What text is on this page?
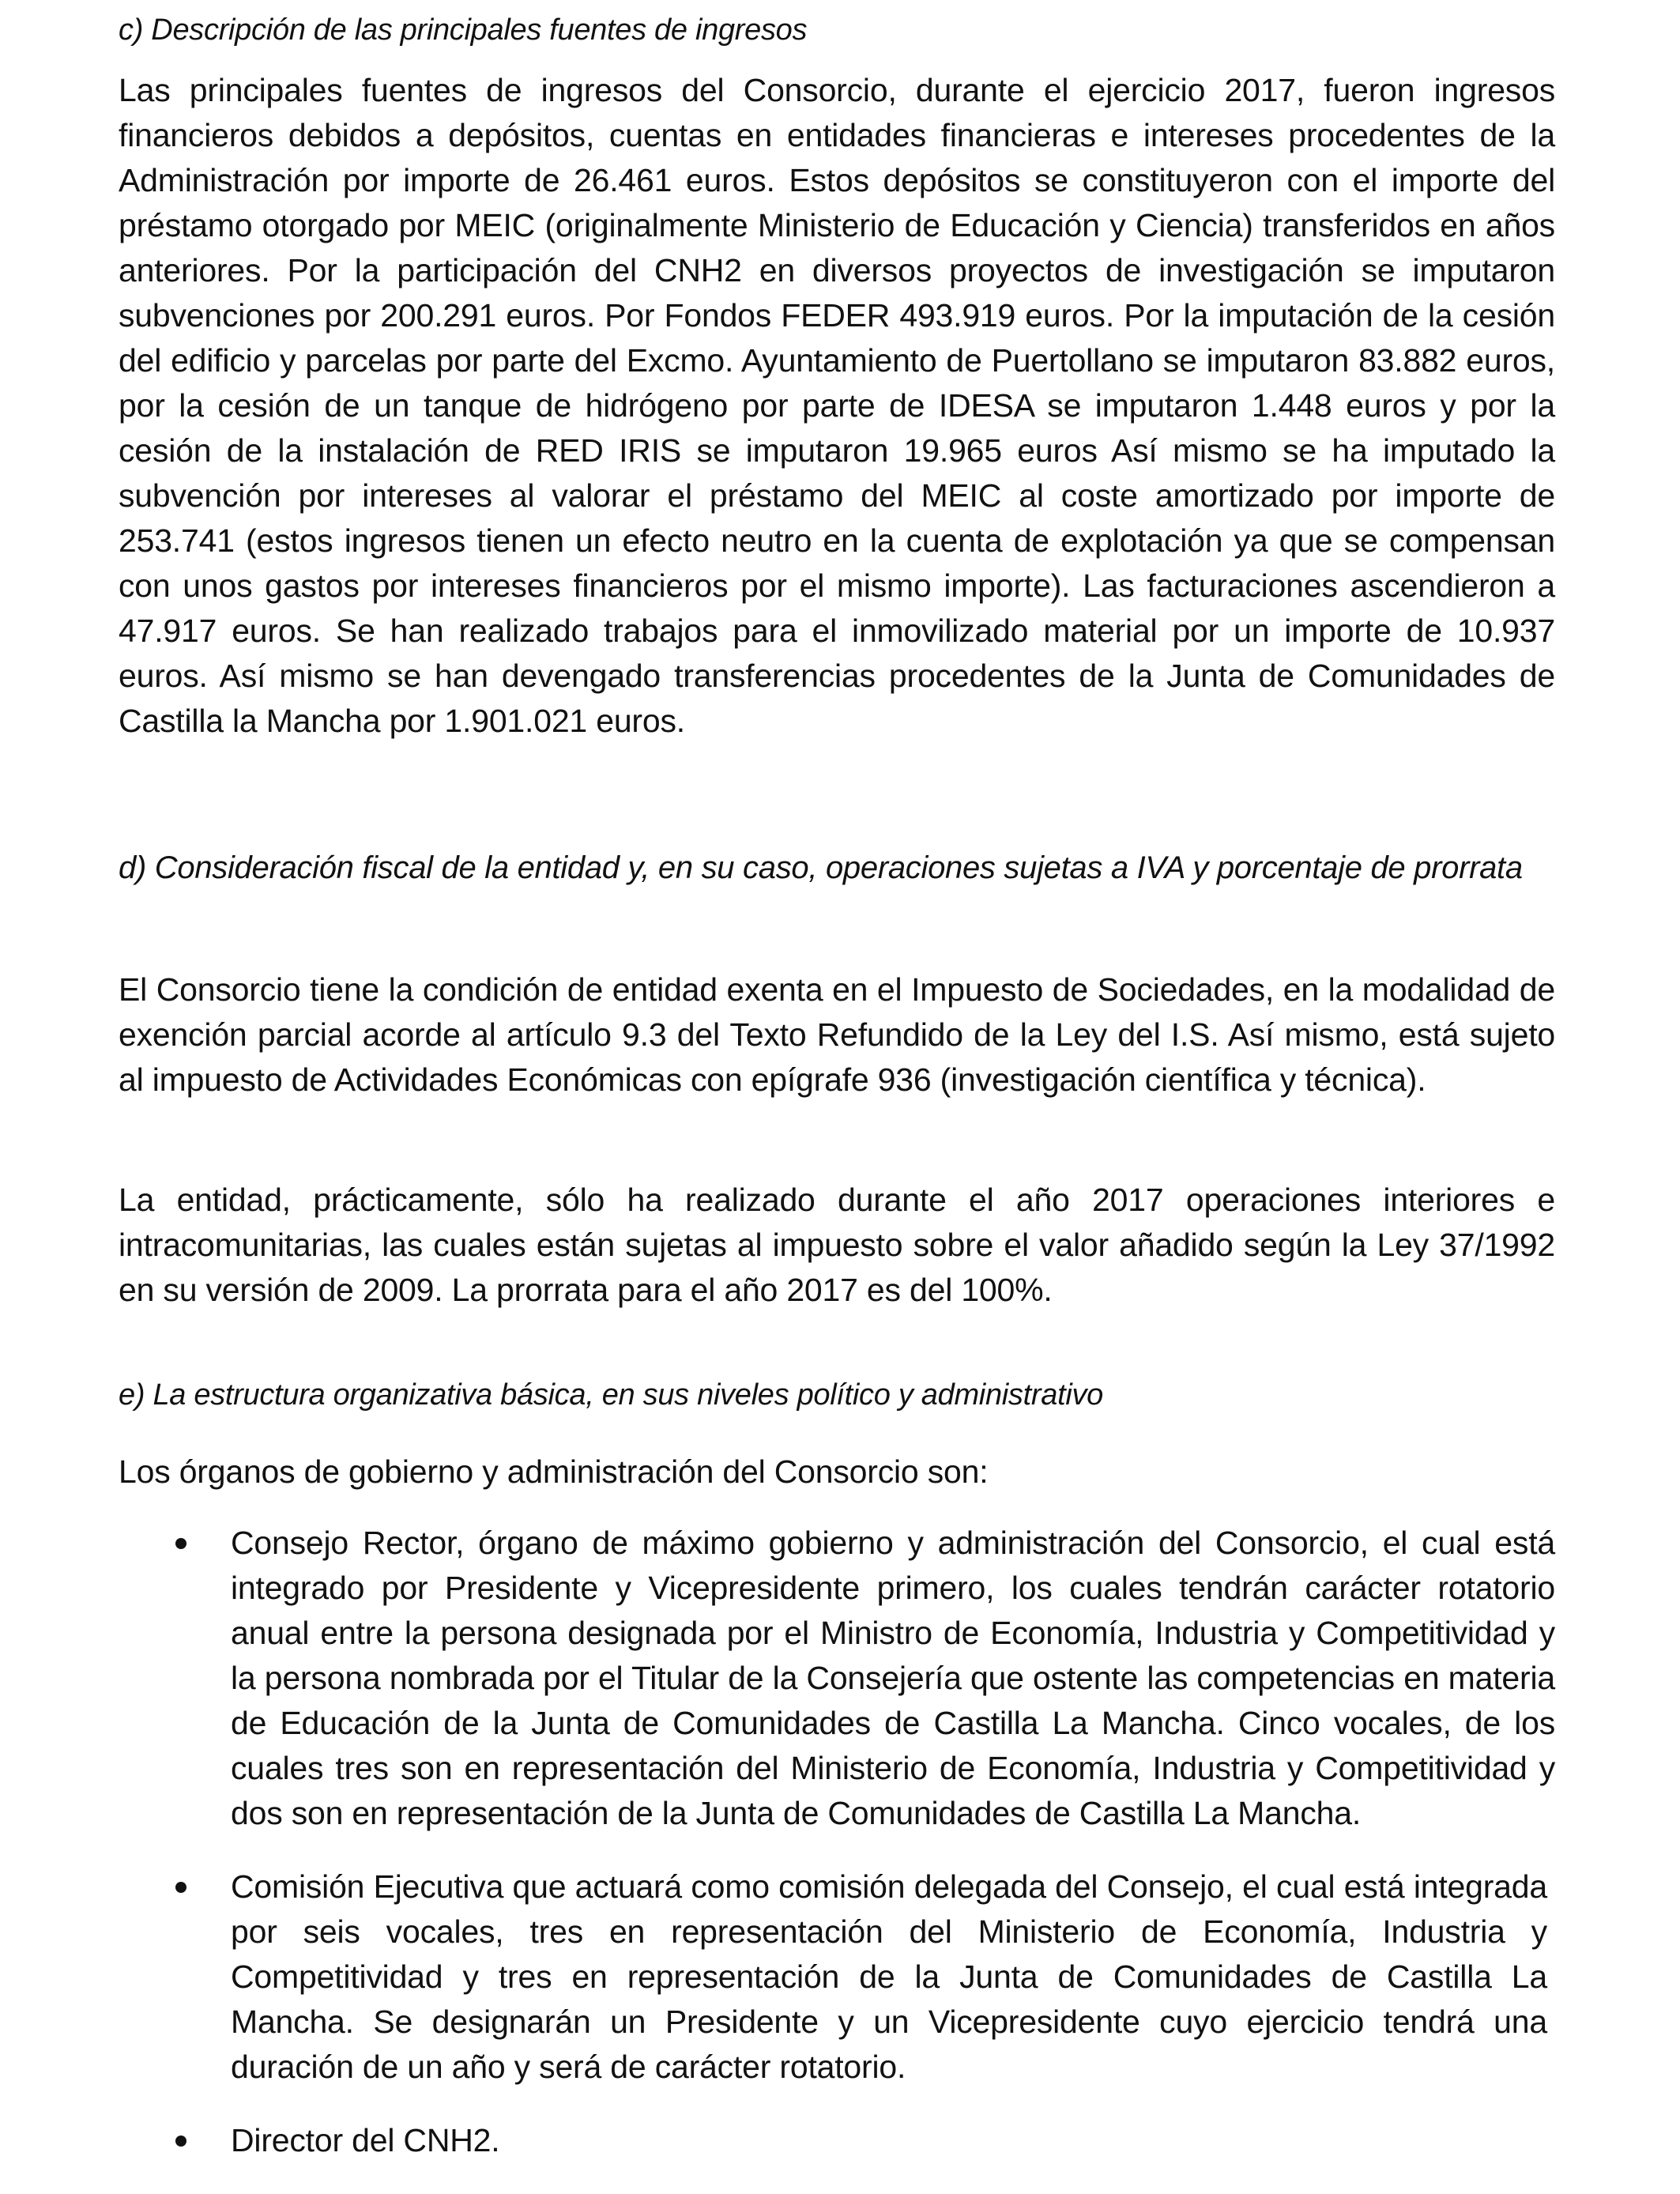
c) Descripción de las principales fuentes de ingresos

Las principales fuentes de ingresos del Consorcio, durante el ejercicio 2017, fueron ingresos financieros debidos a depósitos, cuentas en entidades financieras e intereses procedentes de la Administración por importe de 26.461 euros. Estos depósitos se constituyeron con el importe del préstamo otorgado por MEIC (originalmente Ministerio de Educación y Ciencia) transferidos en años anteriores. Por la participación del CNH2 en diversos proyectos de investigación se imputaron subvenciones por 200.291 euros. Por Fondos FEDER 493.919 euros. Por la imputación de la cesión del edificio y parcelas por parte del Excmo. Ayuntamiento de Puertollano se imputaron 83.882 euros, por la cesión de un tanque de hidrógeno por parte de IDESA se imputaron 1.448 euros y por la cesión de la instalación de RED IRIS se imputaron 19.965 euros Así mismo se ha imputado la subvención por intereses al valorar el préstamo del MEIC al coste amortizado por importe de 253.741 (estos ingresos tienen un efecto neutro en la cuenta de explotación ya que se compensan con unos gastos por intereses financieros por el mismo importe). Las facturaciones ascendieron a 47.917 euros. Se han realizado trabajos para el inmovilizado material por un importe de 10.937 euros. Así mismo se han devengado transferencias procedentes de la Junta de Comunidades de Castilla la Mancha por 1.901.021 euros.

d) Consideración fiscal de la entidad y, en su caso, operaciones sujetas a IVA y porcentaje de prorrata

El Consorcio tiene la condición de entidad exenta en el Impuesto de Sociedades, en la modalidad de exención parcial acorde al artículo 9.3 del Texto Refundido de la Ley del I.S. Así mismo, está sujeto al impuesto de Actividades Económicas con epígrafe 936 (investigación científica y técnica).

La entidad, prácticamente, sólo ha realizado durante el año 2017 operaciones interiores e intracomunitarias, las cuales están sujetas al impuesto sobre el valor añadido según la Ley 37/1992 en su versión de 2009. La prorrata para el año 2017 es del 100%.

e) La estructura organizativa básica, en sus niveles político y administrativo

Los órganos de gobierno y administración del Consorcio son:

Consejo Rector, órgano de máximo gobierno y administración del Consorcio, el cual está integrado por Presidente y Vicepresidente primero, los cuales tendrán carácter rotatorio anual entre la persona designada por el Ministro de Economía, Industria y Competitividad y la persona nombrada por el Titular de la Consejería que ostente las competencias en materia de Educación de la Junta de Comunidades de Castilla La Mancha. Cinco vocales, de los cuales tres son en representación del Ministerio de Economía, Industria y Competitividad y dos son en representación de la Junta de Comunidades de Castilla La Mancha.

Comisión Ejecutiva que actuará como comisión delegada del Consejo, el cual está integrada por seis vocales, tres en representación del Ministerio de Economía, Industria y Competitividad y tres en representación de la Junta de Comunidades de Castilla La Mancha. Se designarán un Presidente y un Vicepresidente cuyo ejercicio tendrá una duración de un año y será de carácter rotatorio.

Director del CNH2.
